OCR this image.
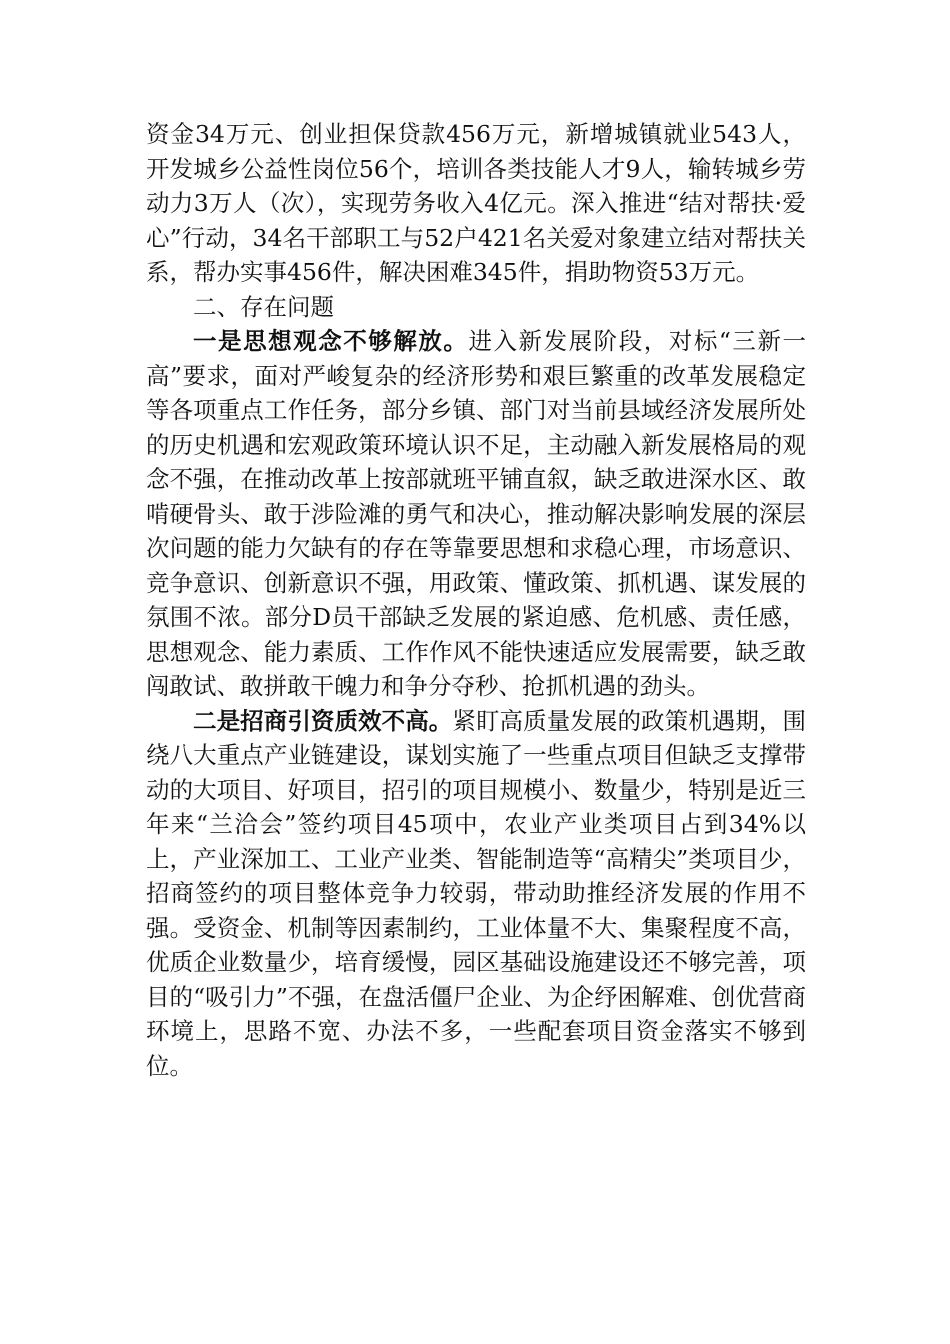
资金34万元、创业担保贷款456万元，新增城镇就业543人，开发城乡公益性岗位56个，培训各类技能人才9人，输转城乡劳动力3万人（次），实现劳务收入4亿元。深入推进“结对帮扶·爱心”行动，34名干部职工与52户421名关爱对象建立结对帮扶关系，帮办实事456件，解决困难345件，捐助物资53万元。

二、存在问题

一是思想观念不够解放。进入新发展阶段，对标“三新一高”要求，面对严峻复杂的经济形势和艰巨繁重的改革发展稳定等各项重点工作任务，部分乡镇、部门对当前县域经济发展所处的历史机遇和宏观政策环境认识不足，主动融入新发展格局的观念不强，在推动改革上按部就班平铺直叙，缺乏敢进深水区、敢啃硬骨头、敢于涉险滩的勇气和决心，推动解决影响发展的深层次问题的能力欠缺有的存在等靠要思想和求稳心理，市场意识、竞争意识、创新意识不强，用政策、懂政策、抓机遇、谋发展的氛围不浓。部分D员干部缺乏发展的紧迫感、危机感、责任感，思想观念、能力素质、工作作风不能快速适应发展需要，缺乏敢闯敢试、敢拼敢干魄力和争分夺秒、抢抓机遇的劲头。

二是招商引资质效不高。紧盯高质量发展的政策机遇期，围绕八大重点产业链建设，谋划实施了一些重点项目但缺乏支撑带动的大项目、好项目，招引的项目规模小、数量少，特别是近三年来“兰洽会”签约项目45项中，农业产业类项目占到34%以上，产业深加工、工业产业类、智能制造等“高精尖”类项目少，招商签约的项目整体竞争力较弱，带动助推经济发展的作用不强。受资金、机制等因素制约，工业体量不大、集聚程度不高，优质企业数量少，培育缓慢，园区基础设施建设还不够完善，项目的“吸引力”不强，在盘活僵尸企业、为企纾困解难、创优营商环境上，思路不宽、办法不多，一些配套项目资金落实不够到位。
